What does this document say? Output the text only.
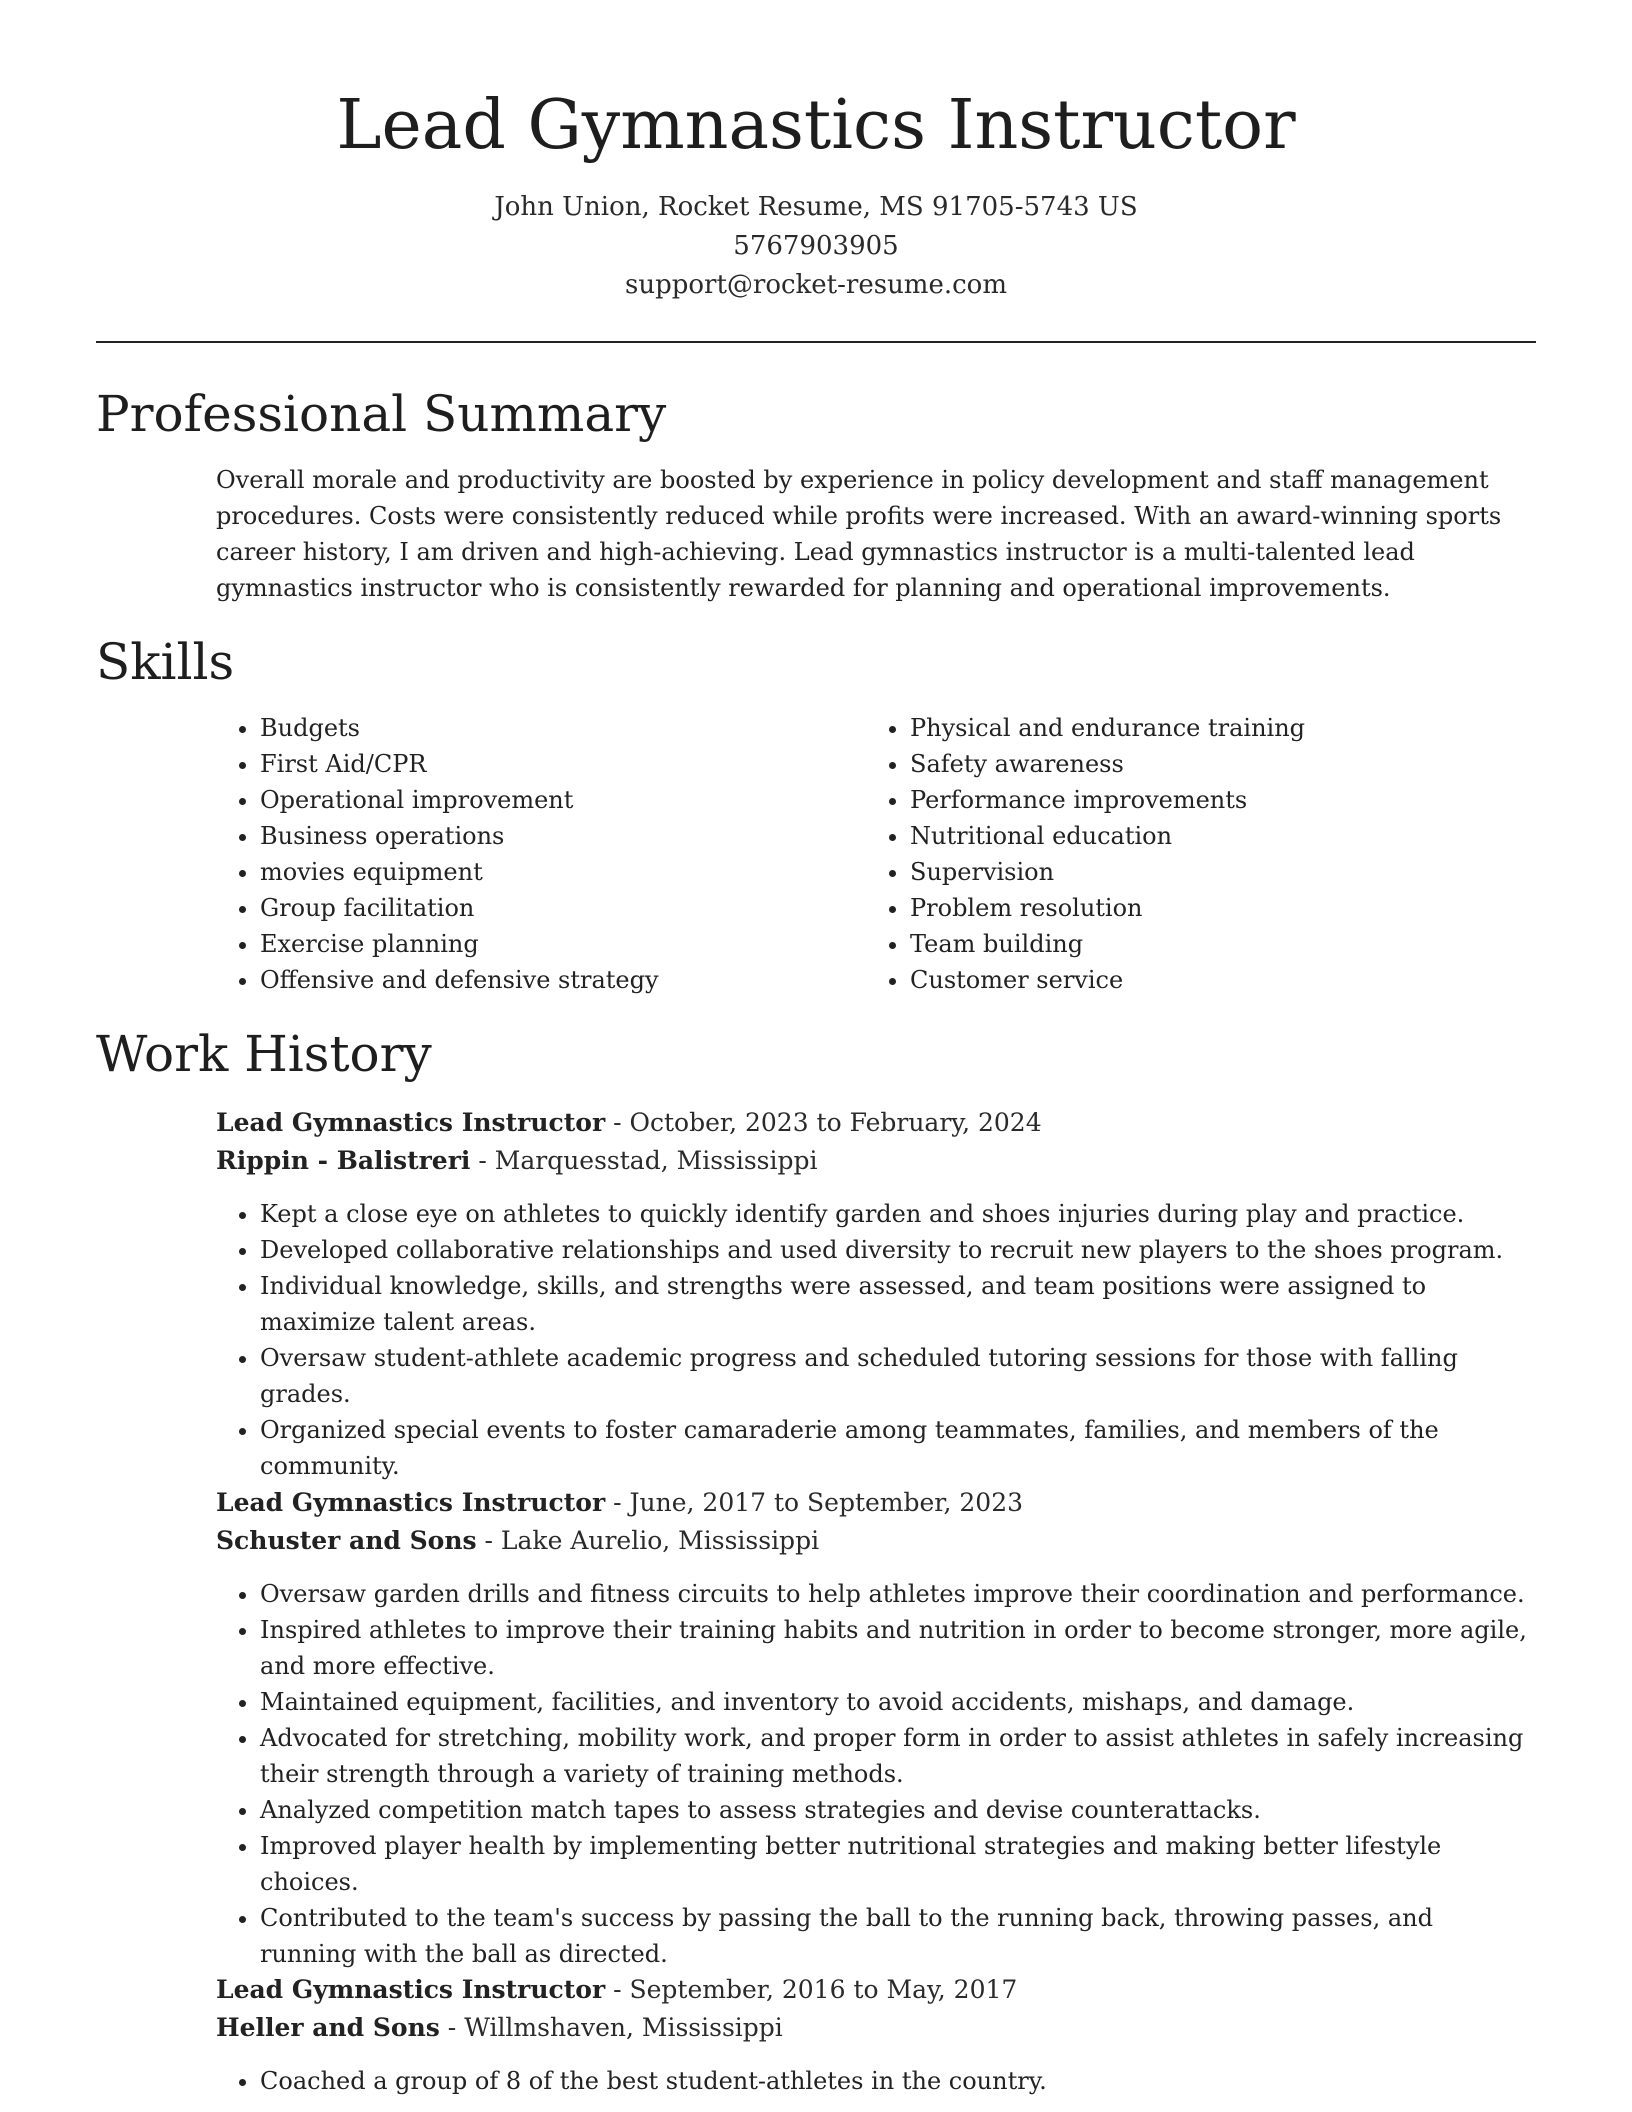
Lead Gymnastics Instructor
John Union, Rocket Resume, MS 91705-5743 US
5767903905
support@rocket-resume.com
Professional Summary

Overall morale and productivity are boosted by experience in policy development and staff management procedures. Costs were consistently reduced while profits were increased. With an award-winning sports career history, I am driven and high-achieving. Lead gymnastics instructor is a multi-talented lead gymnastics instructor who is consistently rewarded for planning and operational improvements.

Skills
• Budgets
• First Aid/CPR
• Operational improvement
• Business operations
• movies equipment
• Group facilitation
• Exercise planning
• Offensive and defensive strategy
• Physical and endurance training
• Safety awareness
• Performance improvements
• Nutritional education
• Supervision
• Problem resolution
• Team building
• Customer service
Work History
Lead Gymnastics Instructor - October, 2023 to February, 2024
Rippin - Balistreri - Marquesstad, Mississippi
• Kept a close eye on athletes to quickly identify garden and shoes injuries during play and practice.
• Developed collaborative relationships and used diversity to recruit new players to the shoes program.
• Individual knowledge, skills, and strengths were assessed, and team positions were assigned to maximize talent areas.
• Oversaw student-athlete academic progress and scheduled tutoring sessions for those with falling grades.
• Organized special events to foster camaraderie among teammates, families, and members of the community.
Lead Gymnastics Instructor - June, 2017 to September, 2023
Schuster and Sons - Lake Aurelio, Mississippi
• Oversaw garden drills and fitness circuits to help athletes improve their coordination and performance.
• Inspired athletes to improve their training habits and nutrition in order to become stronger, more agile, and more effective.
• Maintained equipment, facilities, and inventory to avoid accidents, mishaps, and damage.
• Advocated for stretching, mobility work, and proper form in order to assist athletes in safely increasing their strength through a variety of training methods.
• Analyzed competition match tapes to assess strategies and devise counterattacks.
• Improved player health by implementing better nutritional strategies and making better lifestyle choices.
• Contributed to the team's success by passing the ball to the running back, throwing passes, and running with the ball as directed.
Lead Gymnastics Instructor - September, 2016 to May, 2017
Heller and Sons - Willmshaven, Mississippi
• Coached a group of 8 of the best student-athletes in the country.
